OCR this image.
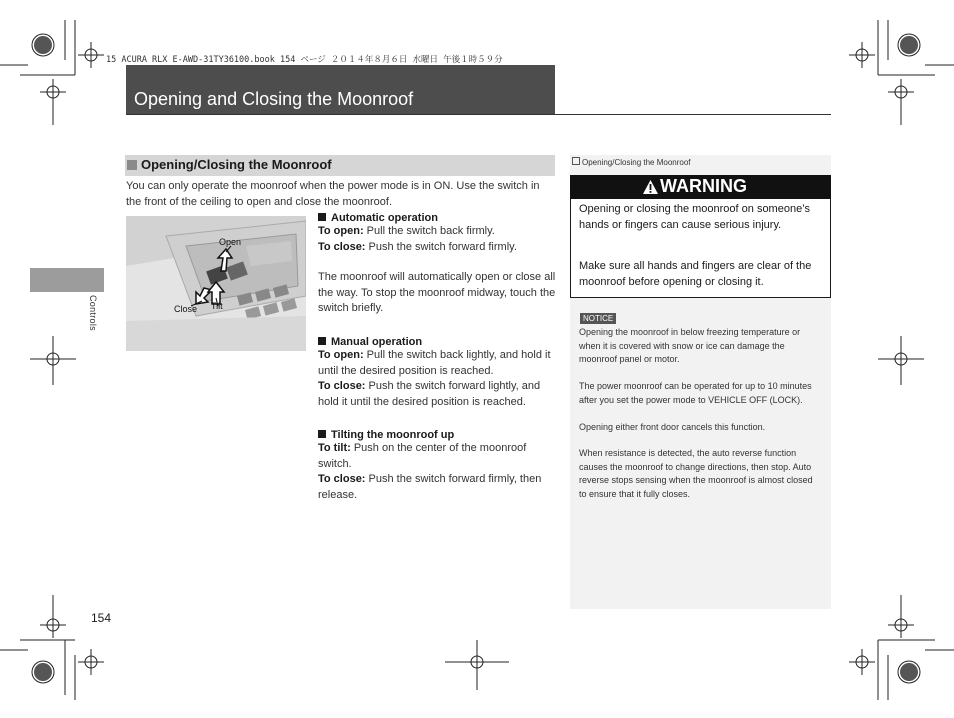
15 ACURA RLX E-AWD-31TY36100.book 154 ページ ２０１４年８月６日 水曜日 午後１時５９分
Opening and Closing the Moonroof
Controls
Opening/Closing the Moonroof
You can only operate the moonroof when the power mode is in ON. Use the switch in the front of the ceiling to open and close the moonroof.
Open
Close Tilt
Automatic operation
To open: Pull the switch back firmly.
To close: Push the switch forward firmly.
The moonroof will automatically open or close all the way. To stop the moonroof midway, touch the switch briefly.
Manual operation
To open: Pull the switch back lightly, and hold it until the desired position is reached.
To close: Push the switch forward lightly, and hold it until the desired position is reached.
Tilting the moonroof up
To tilt: Push on the center of the moonroof switch.
To close: Push the switch forward firmly, then release.
Opening/Closing the Moonroof
WARNING
Opening or closing the moonroof on someone’s hands or fingers can cause serious injury.
Make sure all hands and fingers are clear of the moonroof before opening or closing it.
NOTICE
Opening the moonroof in below freezing temperature or when it is covered with snow or ice can damage the moonroof panel or motor.
The power moonroof can be operated for up to 10 minutes after you set the power mode to VEHICLE OFF (LOCK).
Opening either front door cancels this function.
When resistance is detected, the auto reverse function causes the moonroof to change directions, then stop. Auto reverse stops sensing when the moonroof is almost closed to ensure that it fully closes.
154
